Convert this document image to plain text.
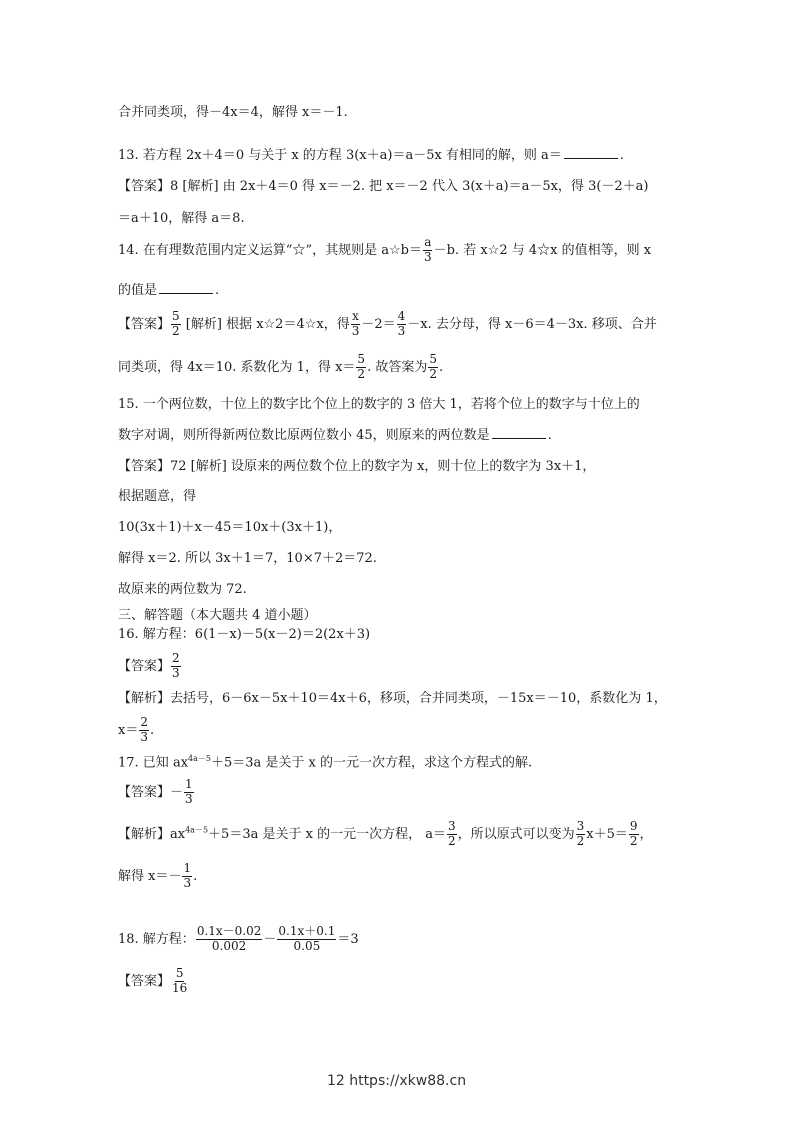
合并同类项，得－4x＝4，解得 x＝－1.
13. 若方程 2x＋4＝0 与关于 x 的方程 3(x＋a)＝a－5x 有相同的解，则 a＝	.
【答案】8 [解析] 由 2x＋4＝0 得 x＝－2. 把 x＝－2 代入 3(x＋a)＝a－5x，得 3(－2＋a)
＝a＋10，解得 a＝8.
14. 在有理数范围内定义运算“☆”，其规则是 a☆b＝ $\frac{a}{3} -b$. 若 x☆2 与 4☆x 的值相等，则 x
的值是	.
【答案】 $\frac{5}{2}$ [解析] 根据 x☆2＝4☆x，得 $\frac{x}{3} -2= \frac{4}{3} -x$. 去分母，得 x－6＝4－3x. 移项、合并
同类项，得 4x＝10. 系数化为 1，得 $x= \frac{5}{2}$ . 故答案为 $\frac{5}{2}$ .
15. 一个两位数，十位上的数字比个位上的数字的 3 倍大 1，若将个位上的数字与十位上的
数字对调，则所得新两位数比原两位数小 45，则原来的两位数是	.
【答案】72 [解析] 设原来的两位数个位上的数字为 x，则十位上的数字为 3x＋1，
根据题意，得
10(3x＋1)＋x－45＝10x＋(3x＋1)，
解得 x＝2. 所以 3x＋1＝7，10×7＋2＝72.
故原来的两位数为 72.
三、解答题（本大题共 4 道小题）
16. 解方程：6(1－x)－5(x－2)＝2(2x＋3)
【答案】 $\frac{2}{3}$
【解析】去括号，6－6x－5x＋10＝4x＋6，移项，合并同类项，－15x＝－10，系数化为 1，
$x= \frac{2}{3}$ .
17. 已知 $ax^{4a-5}+5=3a$ 是关于 x 的一元一次方程，求这个方程式的解.
【答案】－ $\frac{1}{3}$
【解析】$ax^{4a-5}+5=3a$ 是关于 x 的一元一次方程， $a= \frac{3}{2}$ ，所以原式可以变为 $\frac{3}{2} x+5= \frac{9}{2}$ ，
解得 $x=- \frac{1}{3}$ .
18. 解方程： $\frac{0.1x-0.02}{0.002} - \frac{0.1x+0.1}{0.05} =3$
【答案】 $\frac{5}{16}$
12 https://xkw88.cn
